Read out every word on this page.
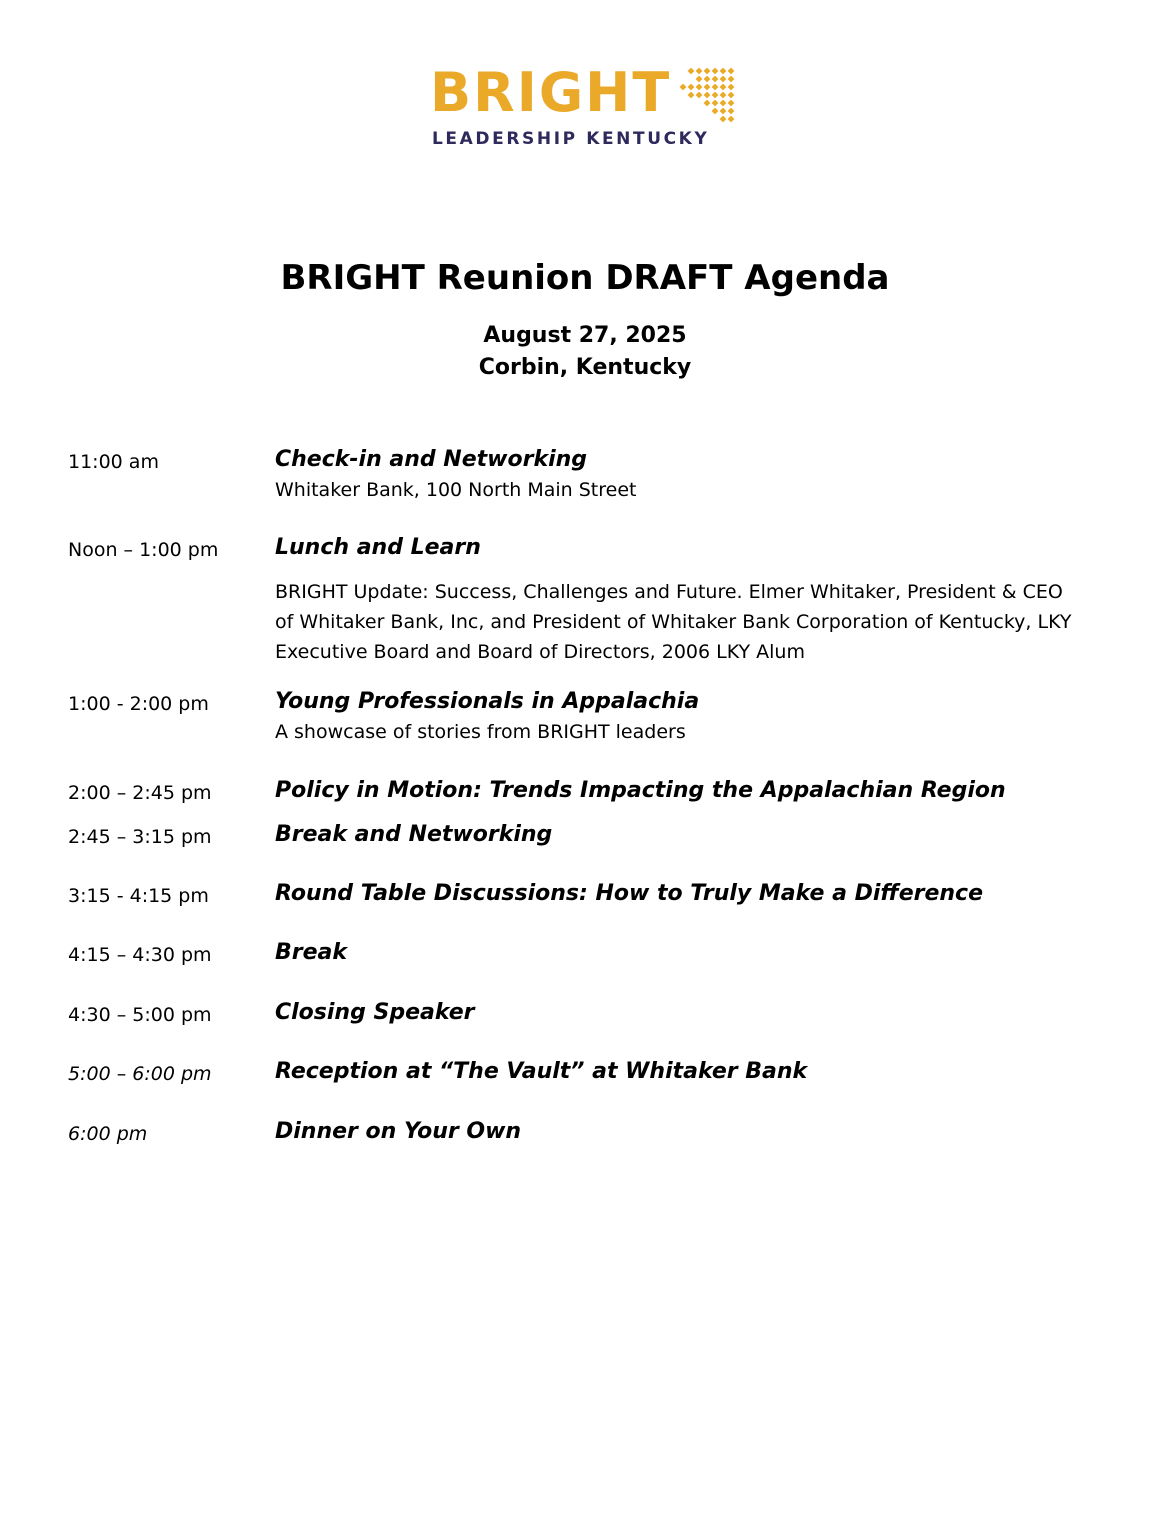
BRIGHT
LEADERSHIP KENTUCKY
BRIGHT Reunion DRAFT Agenda
August 27, 2025
Corbin, Kentucky
11:00 am	Check-in and Networking
Whitaker Bank, 100 North Main Street
Noon – 1:00 pm	Lunch and Learn
BRIGHT Update: Success, Challenges and Future. Elmer Whitaker, President & CEO of Whitaker Bank, Inc, and President of Whitaker Bank Corporation of Kentucky, LKY Executive Board and Board of Directors, 2006 LKY Alum
1:00 - 2:00 pm	Young Professionals in Appalachia
A showcase of stories from BRIGHT leaders
2:00 – 2:45 pm	Policy in Motion: Trends Impacting the Appalachian Region
2:45 – 3:15 pm	Break and Networking
3:15 - 4:15 pm	Round Table Discussions: How to Truly Make a Difference
4:15 – 4:30 pm	Break
4:30 – 5:00 pm	Closing Speaker
5:00 – 6:00 pm	Reception at “The Vault” at Whitaker Bank
6:00 pm	Dinner on Your Own
